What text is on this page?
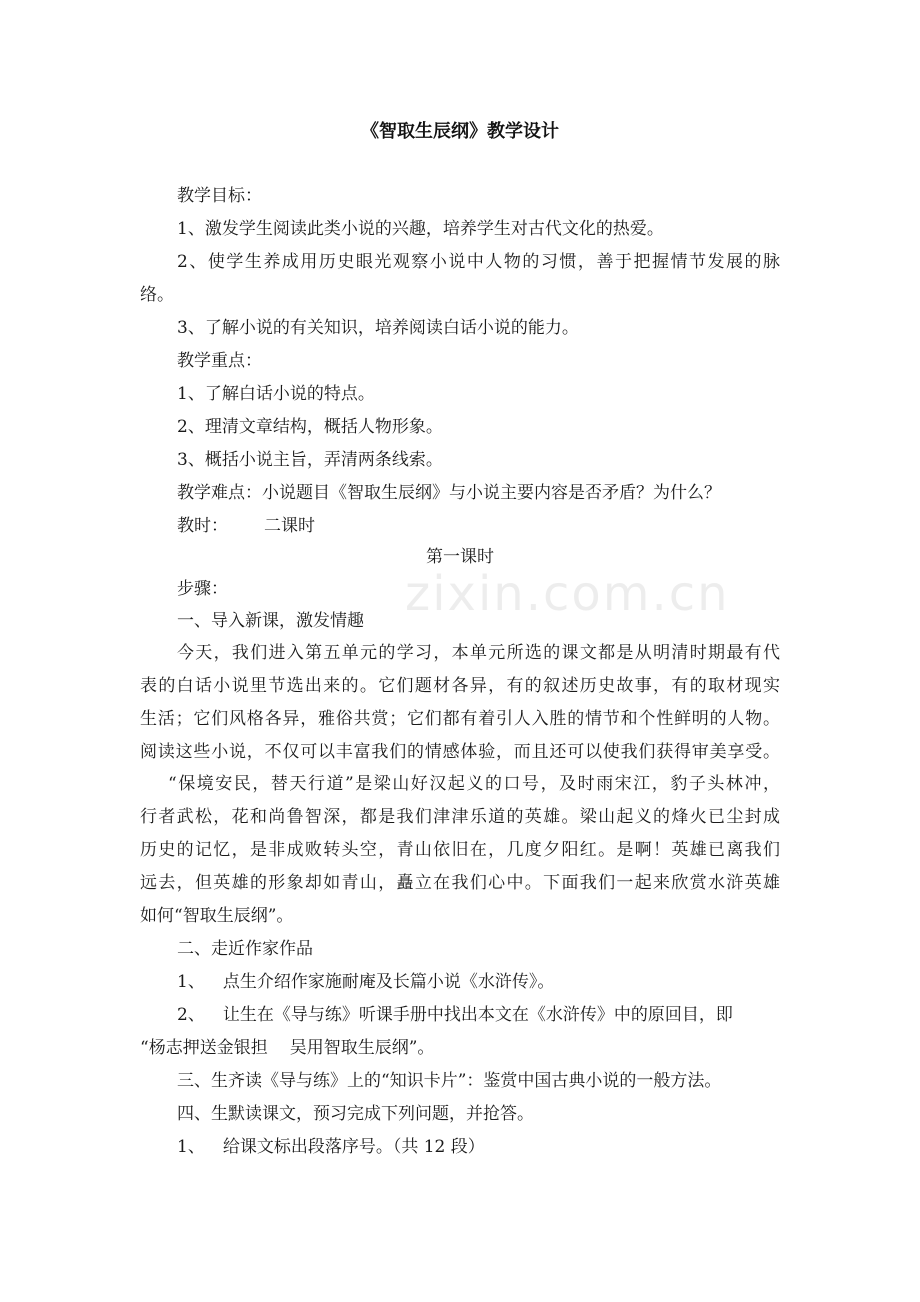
《智取生辰纲》教学设计
教学目标：
1、激发学生阅读此类小说的兴趣，培养学生对古代文化的热爱。
2、使学生养成用历史眼光观察小说中人物的习惯，善于把握情节发展的脉
络。
3、了解小说的有关知识，培养阅读白话小说的能力。
教学重点：
1、了解白话小说的特点。
2、理清文章结构，概括人物形象。
3、概括小说主旨，弄清两条线索。
教学难点：小说题目《智取生辰纲》与小说主要内容是否矛盾？为什么？
教时： 二课时
第一课时
步骤：
一、导入新课，激发情趣
今天，我们进入第五单元的学习，本单元所选的课文都是从明清时期最有代
表的白话小说里节选出来的。它们题材各异，有的叙述历史故事，有的取材现实
生活；它们风格各异，雅俗共赏；它们都有着引人入胜的情节和个性鲜明的人物。
阅读这些小说，不仅可以丰富我们的情感体验，而且还可以使我们获得审美享受。
“保境安民，替天行道”是梁山好汉起义的口号，及时雨宋江，豹子头林冲，
行者武松，花和尚鲁智深，都是我们津津乐道的英雄。梁山起义的烽火已尘封成
历史的记忆，是非成败转头空，青山依旧在，几度夕阳红。是啊！英雄已离我们
远去，但英雄的形象却如青山，矗立在我们心中。下面我们一起来欣赏水浒英雄
如何“智取生辰纲”。
二、走近作家作品
1、 点生介绍作家施耐庵及长篇小说《水浒传》。
2、 让生在《导与练》听课手册中找出本文在《水浒传》中的原回目，即
“杨志押送金银担 吴用智取生辰纲”。
三、生齐读《导与练》上的“知识卡片”：鉴赏中国古典小说的一般方法。
四、生默读课文，预习完成下列问题，并抢答。
1、 给课文标出段落序号。（共 12 段）
zixin.com.cn
